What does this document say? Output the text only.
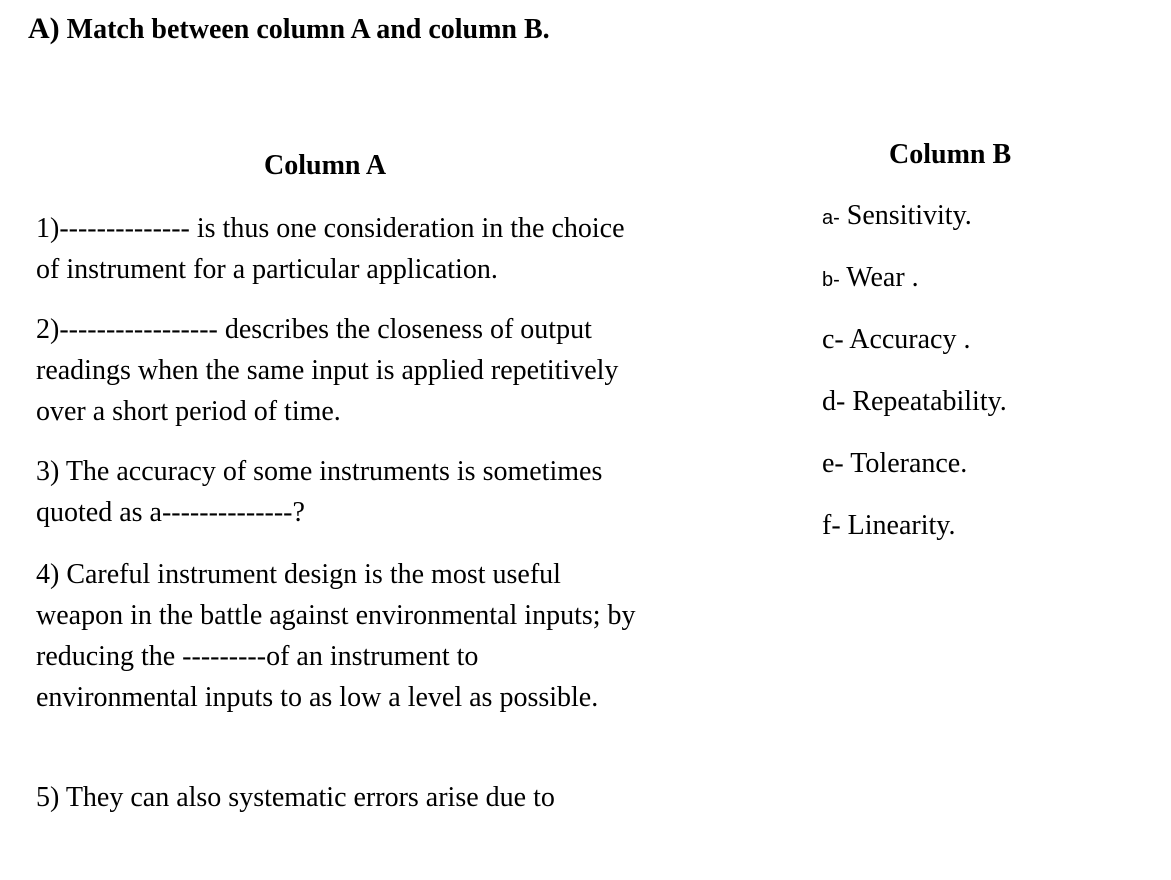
A) Match between column A and column B.
Column A	Column B

1)-------------- is thus one consideration in the choice of instrument for a particular application.

2)----------------- describes the closeness of output readings when the same input is applied repetitively over a short period of time.

3) The accuracy of some instruments is sometimes quoted as a--------------?

4) Careful instrument design is the most useful weapon in the battle against environmental inputs; by reducing the ---------of an instrument to environmental inputs to as low a level as possible.

5) They can also systematic errors arise due to

a- Sensitivity.

b- Wear .

c- Accuracy .

d- Repeatability.

e- Tolerance.

f- Linearity.
